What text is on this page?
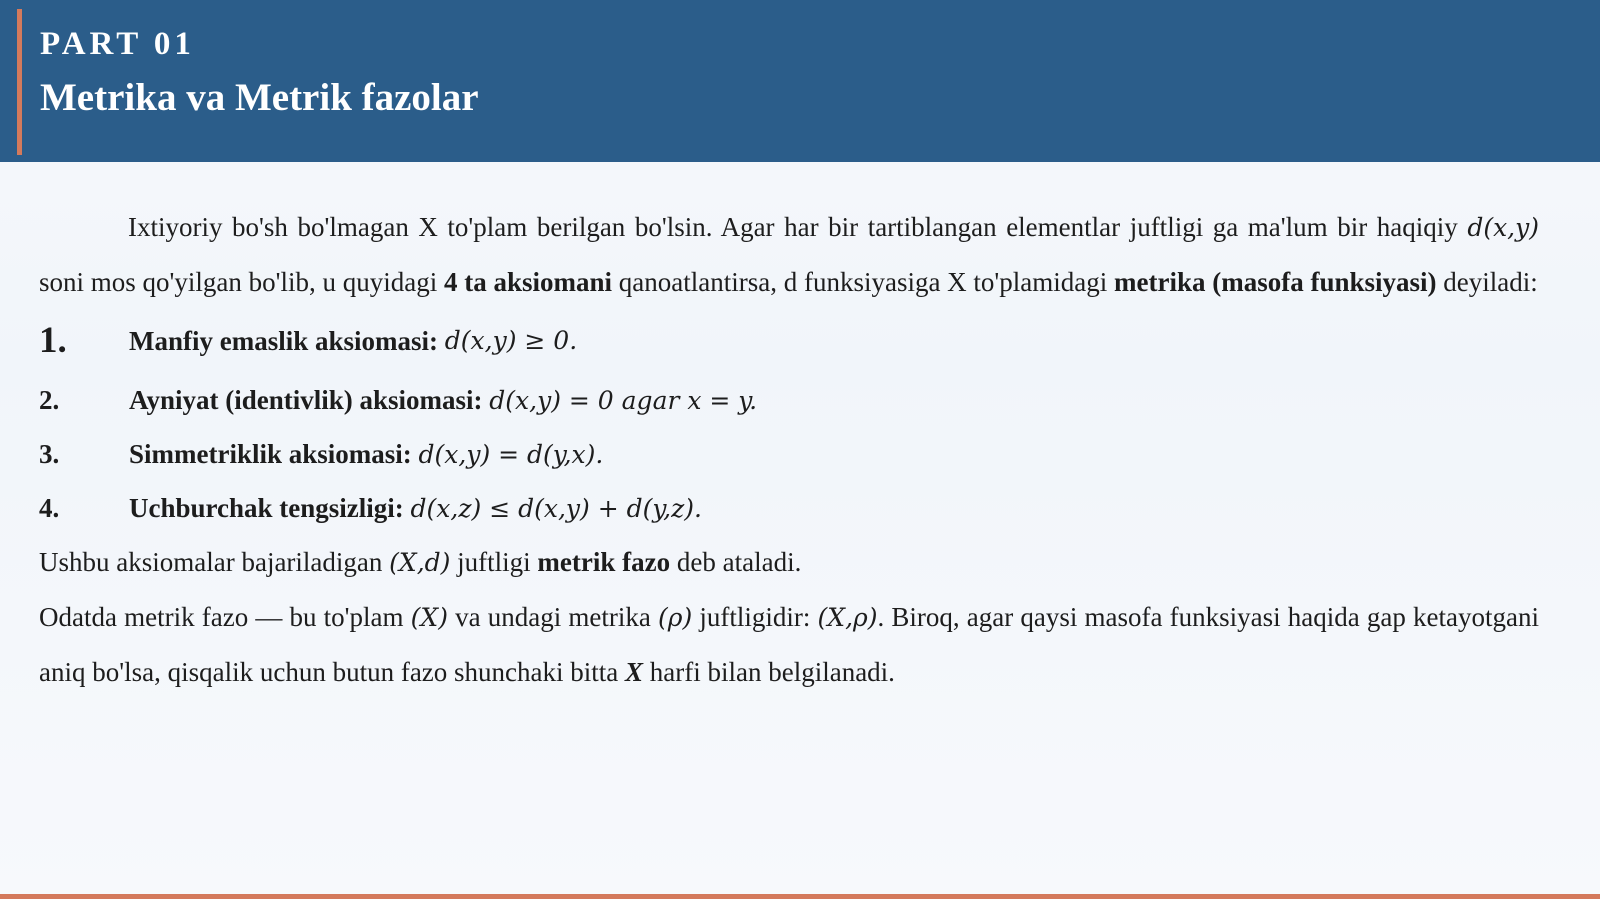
PART 01
Metrika va Metrik fazolar

Ixtiyoriy bo'sh bo'lmagan X to'plam berilgan bo'lsin. Agar har bir tartiblangan elementlar juftligi ga ma'lum bir haqiqiy d(x,y) soni mos qo'yilgan bo'lib, u quyidagi 4 ta aksiomani qanoatlantirsa, d funksiyasiga X to'plamidagi metrika (masofa funksiyasi) deyiladi:

1.	Manfiy emaslik aksiomasi:
d(x,y) ≥ 0.
2.	Ayniyat (identivlik) aksiomasi:
d(x,y) = 0 agar x = y.
3.	Simmetriklik aksiomasi:
d(x,y) = d(y,x).
4.	Uchburchak tengsizligi:
d(x,z) ≤ d(x,y) + d(y,z).

Ushbu aksiomalar bajariladigan (X,d) juftligi metrik fazo deb ataladi.

Odatda metrik fazo — bu to'plam (X) va undagi metrika (ρ) juftligidir: (X,ρ). Biroq, agar qaysi masofa funksiyasi haqida gap ketayotgani aniq bo'lsa, qisqalik uchun butun fazo shunchaki bitta X harfi bilan belgilanadi.
